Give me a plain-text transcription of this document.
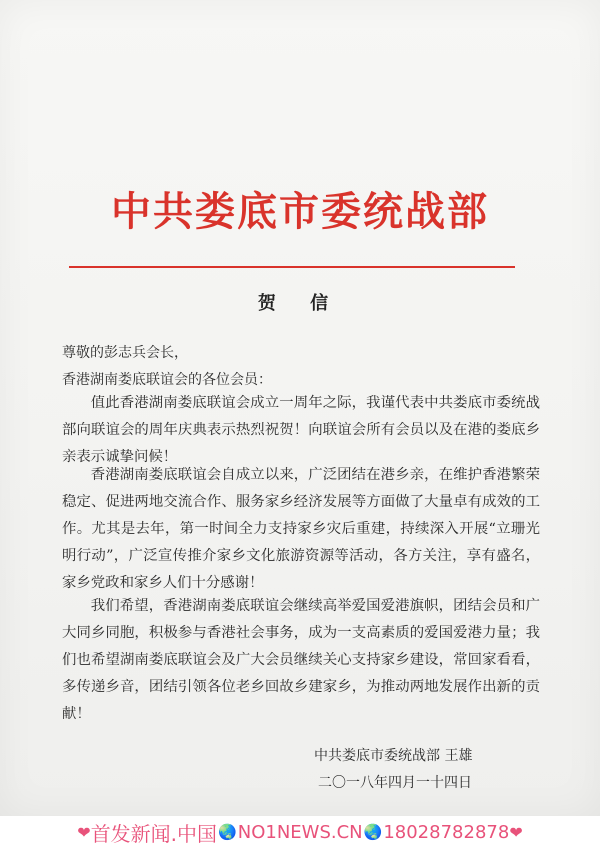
中共娄底市委统战部
贺 信

尊敬的彭志兵会长，

香港湖南娄底联谊会的各位会员：

值此香港湖南娄底联谊会成立一周年之际，我谨代表中共娄底市委统战部向联谊会的周年庆典表示热烈祝贺！向联谊会所有会员以及在港的娄底乡亲表示诚挚问候！

香港湖南娄底联谊会自成立以来，广泛团结在港乡亲，在维护香港繁荣稳定、促进两地交流合作、服务家乡经济发展等方面做了大量卓有成效的工作。尤其是去年，第一时间全力支持家乡灾后重建，持续深入开展“立珊光明行动”，广泛宣传推介家乡文化旅游资源等活动，各方关注，享有盛名，家乡党政和家乡人们十分感谢！

我们希望，香港湖南娄底联谊会继续高举爱国爱港旗帜，团结会员和广大同乡同胞，积极参与香港社会事务，成为一支高素质的爱国爱港力量；我们也希望湖南娄底联谊会及广大会员继续关心支持家乡建设，常回家看看，多传递乡音，团结引领各位老乡回故乡建家乡，为推动两地发展作出新的贡献！

中共娄底市委统战部 王雄

二〇一八年四月一十四日

❤ 首发新闻.中国 🌏 NO1NEWS.CN 🌏 18028782878 ❤
